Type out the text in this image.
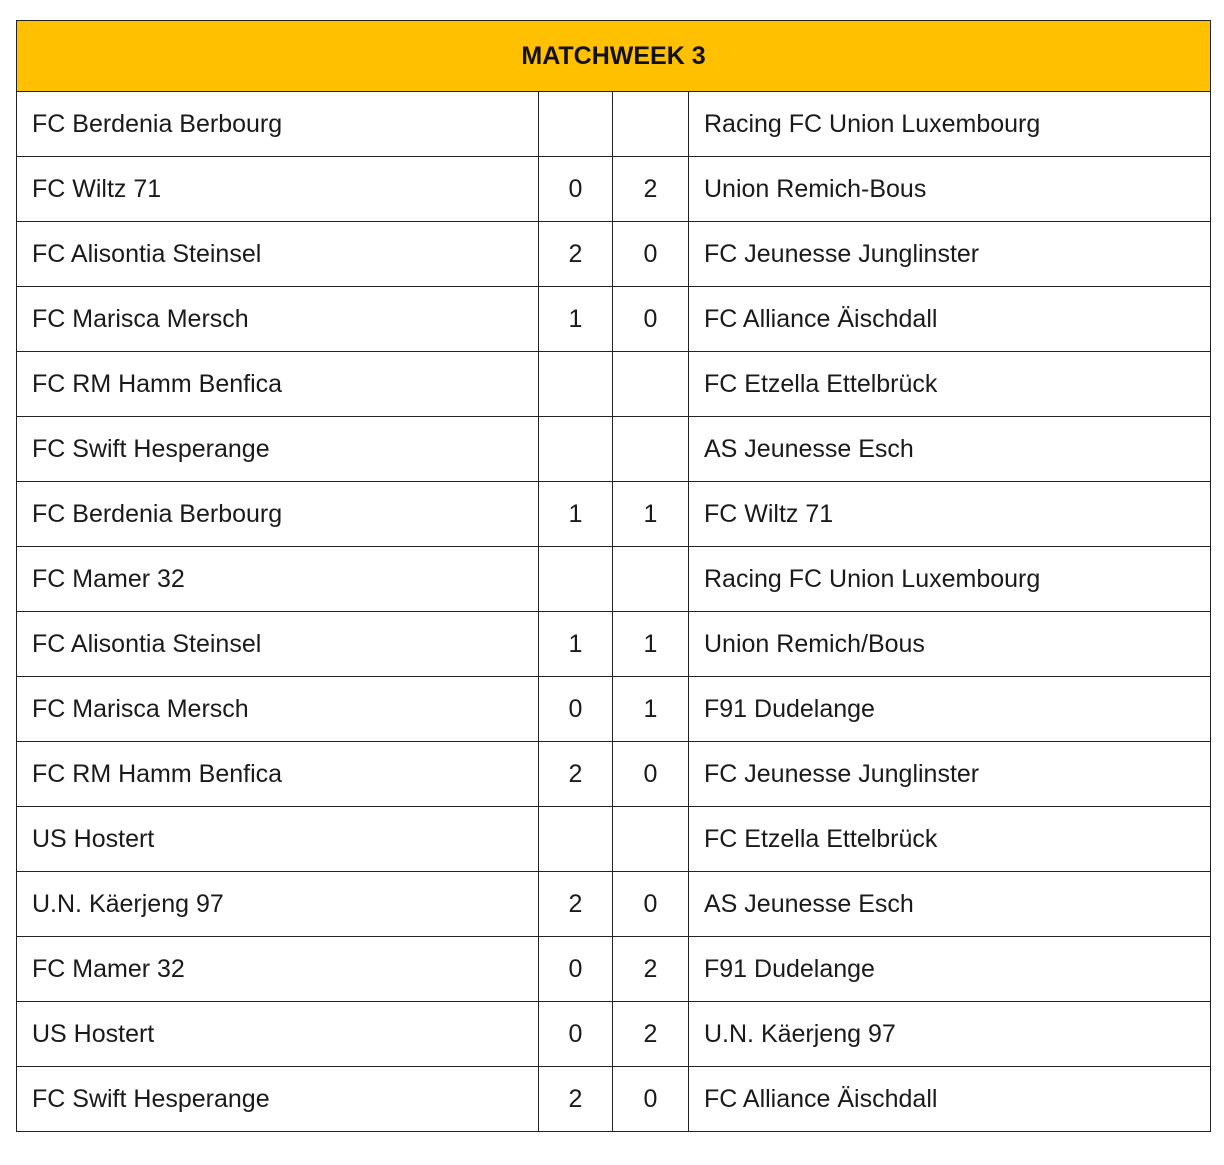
MATCHWEEK 3			
FC Berdenia Berbourg			Racing FC Union Luxembourg
FC Wiltz 71	0	2	Union Remich-Bous
FC Alisontia Steinsel	2	0	FC Jeunesse Junglinster
FC Marisca Mersch	1	0	FC Alliance Äischdall
FC RM Hamm Benfica			FC Etzella Ettelbrück
FC Swift Hesperange			AS Jeunesse Esch
FC Berdenia Berbourg	1	1	FC Wiltz 71
FC Mamer 32			Racing FC Union Luxembourg
FC Alisontia Steinsel	1	1	Union Remich/Bous
FC Marisca Mersch	0	1	F91 Dudelange
FC RM Hamm Benfica	2	0	FC Jeunesse Junglinster
US Hostert			FC Etzella Ettelbrück
U.N. Käerjeng 97	2	0	AS Jeunesse Esch
FC Mamer 32	0	2	F91 Dudelange
US Hostert	0	2	U.N. Käerjeng 97
FC Swift Hesperange	2	0	FC Alliance Äischdall
